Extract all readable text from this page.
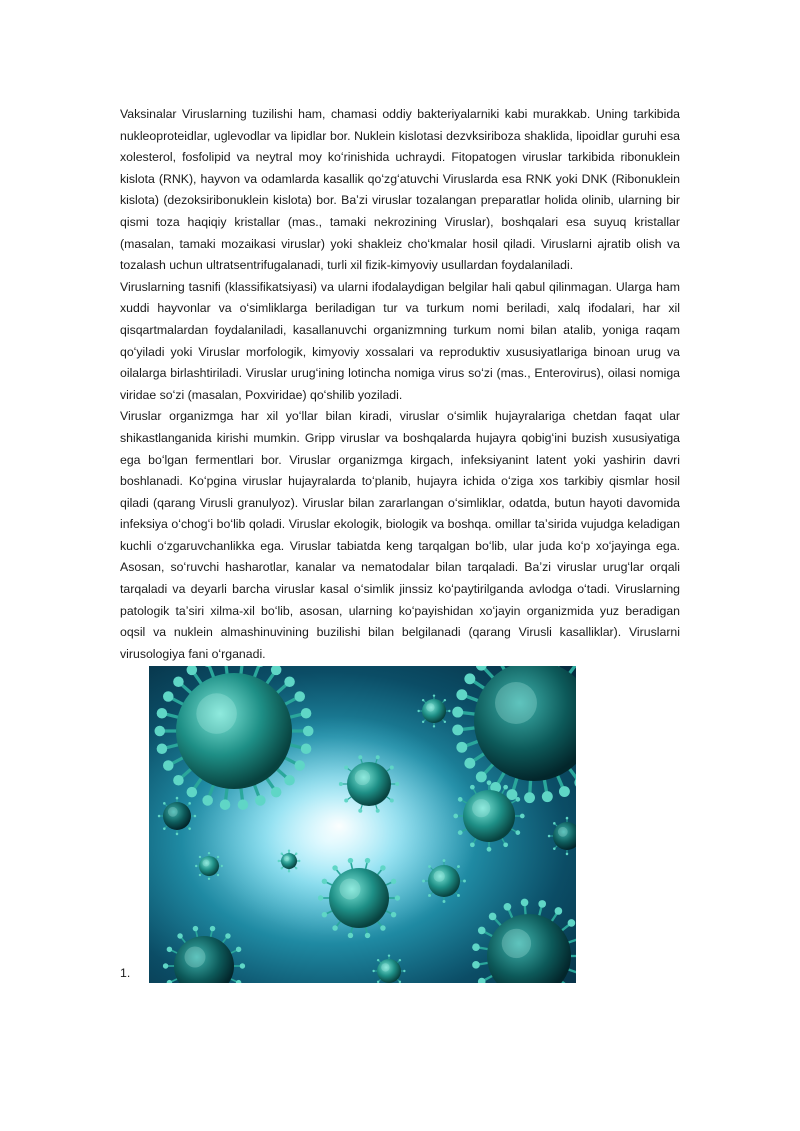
Vaksinalar Viruslarning tuzilishi ham, chamasi oddiy bakteriyalarniki kabi murakkab. Uning tarkibida nukleoproteidlar, uglevodlar va lipidlar bor. Nuklein kislotasi dezvksiriboza shaklida, lipoidlar guruhi esa xolesterol, fosfolipid va neytral moy koʻrinishida uchraydi. Fitopatogen viruslar tarkibida ribonuklein kislota (RNK), hayvon va odamlarda kasallik qoʻzgʻatuvchi Viruslarda esa RNK yoki DNK (Ribonuklein kislota) (dezoksiribonuklein kislota) bor. Baʼzi viruslar tozalangan preparatlar holida olinib, ularning bir qismi toza haqiqiy kristallar (mas., tamaki nekrozining Viruslar), boshqalari esa suyuq kristallar (masalan, tamaki mozaikasi viruslar) yoki shakleiz choʻkmalar hosil qiladi. Viruslarni ajratib olish va tozalash uchun ultratsentrifugalanadi, turli xil fizik-kimyoviy usullardan foydalaniladi.

Viruslarning tasnifi (klassifikatsiyasi) va ularni ifodalaydigan belgilar hali qabul qilinmagan. Ularga ham xuddi hayvonlar va oʻsimliklarga beriladigan tur va turkum nomi beriladi, xalq ifodalari, har xil qisqartmalardan foydalaniladi, kasallanuvchi organizmning turkum nomi bilan atalib, yoniga raqam qoʻyiladi yoki Viruslar morfologik, kimyoviy xossalari va reproduktiv xususiyatlariga binoan urug va oilalarga birlashtiriladi. Viruslar urugʻining lotincha nomiga virus soʻzi (mas., Enterovirus), oilasi nomiga viridae soʻzi (masalan, Poxviridae) qoʻshilib yoziladi.

Viruslar organizmga har xil yoʻllar bilan kiradi, viruslar oʻsimlik hujayralariga chetdan faqat ular shikastlanganida kirishi mumkin. Gripp viruslar va boshqalarda hujayra qobigʻini buzish xususiyatiga ega boʻlgan fermentlari bor. Viruslar organizmga kirgach, infeksiyanint latent yoki yashirin davri boshlanadi. Koʻpgina viruslar hujayralarda toʻplanib, hujayra ichida oʻziga xos tarkibiy qismlar hosil qiladi (qarang Virusli granulyoz). Viruslar bilan zararlangan oʻsimliklar, odatda, butun hayoti davomida infeksiya oʻchogʻi boʻlib qoladi. Viruslar ekologik, biologik va boshqa. omillar taʼsirida vujudga keladigan kuchli oʻzgaruvchanlikka ega. Viruslar tabiatda keng tarqalgan boʻlib, ular juda koʻp xoʻjayinga ega. Asosan, soʻruvchi hasharotlar, kanalar va nematodalar bilan tarqaladi. Baʼzi viruslar urugʻlar orqali tarqaladi va deyarli barcha viruslar kasal oʻsimlik jinssiz koʻpaytirilganda avlodga oʻtadi. Viruslarning patologik taʼsiri xilma-xil boʻlib, asosan, ularning koʻpayishidan xoʻjayin organizmida yuz beradigan oqsil va nuklein almashinuvining buzilishi bilan belgilanadi (qarang Virusli kasalliklar). Viruslarni virusologiya fani oʻrganadi.

1.
